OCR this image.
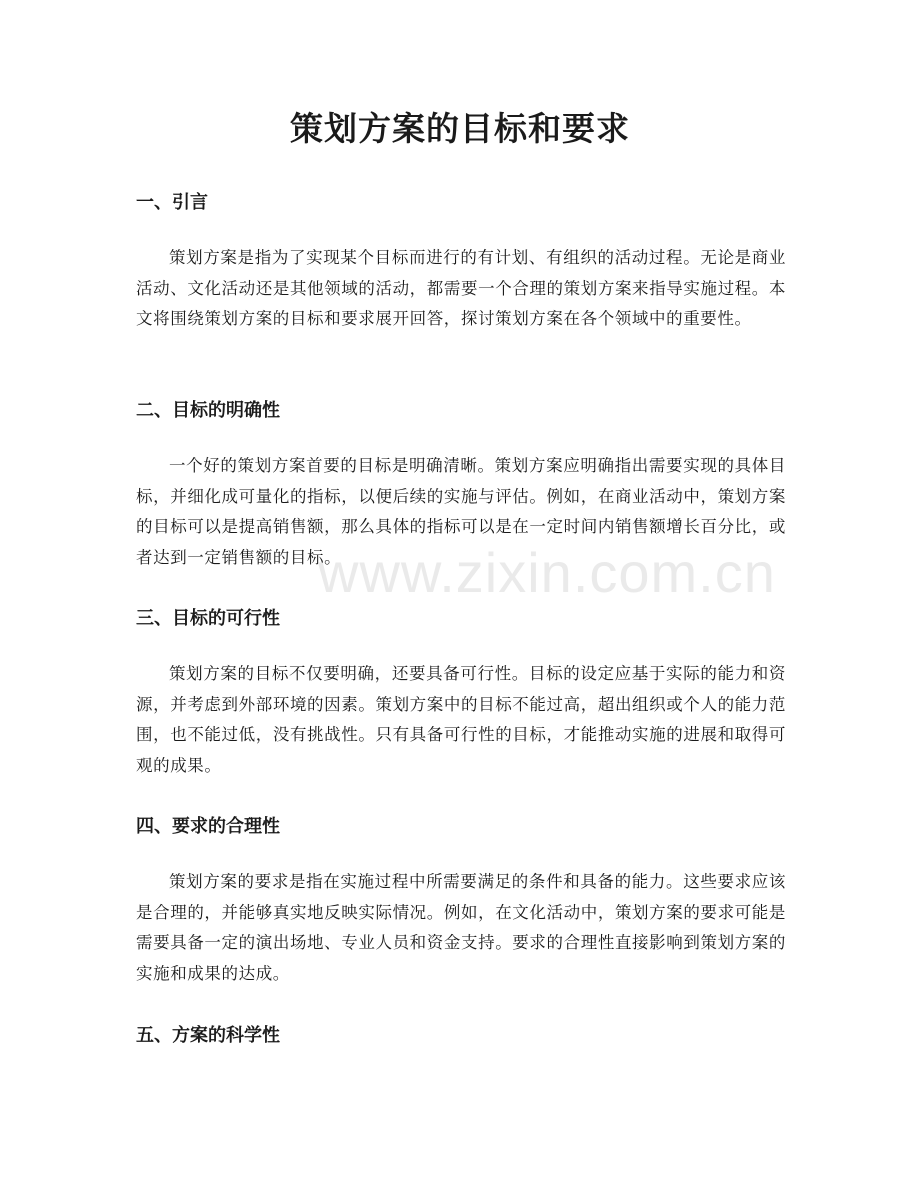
策划方案的目标和要求
一、引言

策划方案是指为了实现某个目标而进行的有计划、有组织的活动过程。无论是商业活动、文化活动还是其他领域的活动，都需要一个合理的策划方案来指导实施过程。本文将围绕策划方案的目标和要求展开回答，探讨策划方案在各个领域中的重要性。

二、目标的明确性

一个好的策划方案首要的目标是明确清晰。策划方案应明确指出需要实现的具体目标，并细化成可量化的指标，以便后续的实施与评估。例如，在商业活动中，策划方案的目标可以是提高销售额，那么具体的指标可以是在一定时间内销售额增长百分比，或者达到一定销售额的目标。

三、目标的可行性

策划方案的目标不仅要明确，还要具备可行性。目标的设定应基于实际的能力和资源，并考虑到外部环境的因素。策划方案中的目标不能过高，超出组织或个人的能力范围，也不能过低，没有挑战性。只有具备可行性的目标，才能推动实施的进展和取得可观的成果。

四、要求的合理性

策划方案的要求是指在实施过程中所需要满足的条件和具备的能力。这些要求应该是合理的，并能够真实地反映实际情况。例如，在文化活动中，策划方案的要求可能是需要具备一定的演出场地、专业人员和资金支持。要求的合理性直接影响到策划方案的实施和成果的达成。

五、方案的科学性
www.zixin.com.cn
